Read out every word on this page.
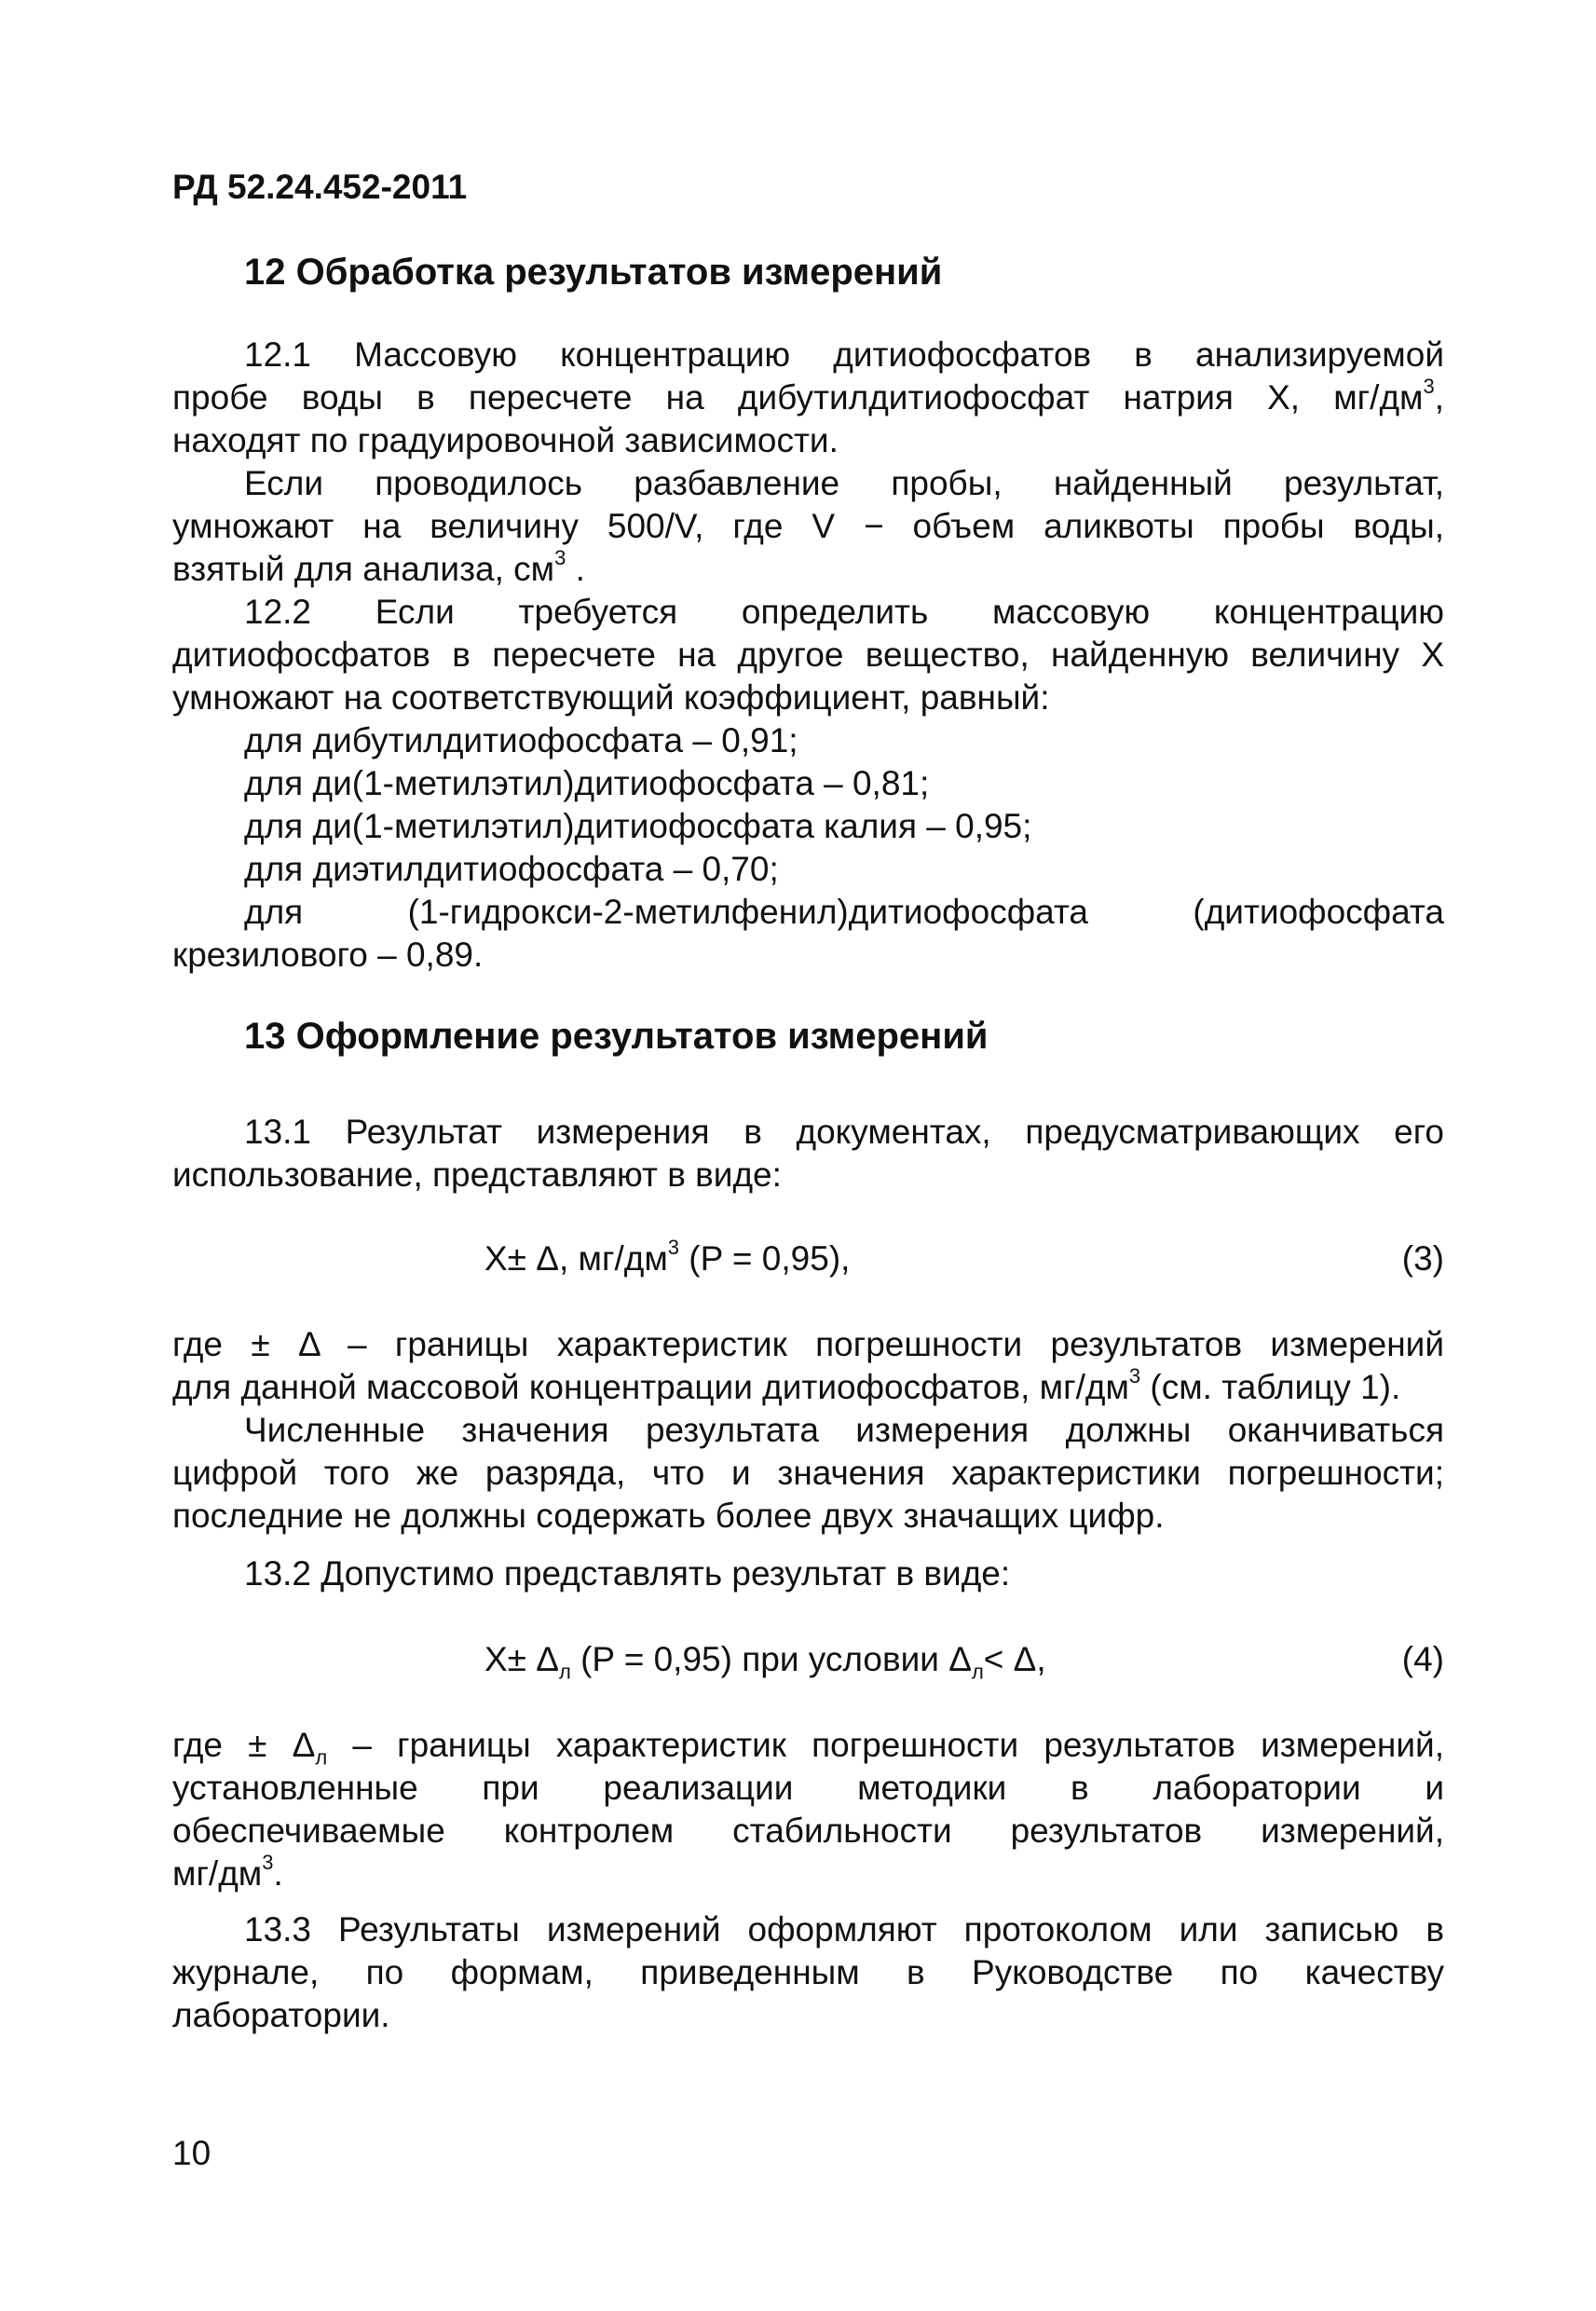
РД 52.24.452-2011
12 Обработка результатов измерений
12.1 Массовую концентрацию дитиофосфатов в анализируемой
пробе воды в пересчете на дибутилдитиофосфат натрия X, $мг/дм^3$,
находят по градуировочной зависимости.
Если проводилось разбавление пробы, найденный результат,
умножают на величину 500/V, где V − объем аликвоты пробы воды,
взятый для анализа, $см^3$ .
12.2 Если требуется определить массовую концентрацию
дитиофосфатов в пересчете на другое вещество, найденную величину X
умножают на соответствующий коэффициент, равный:
для дибутилдитиофосфата – 0,91;
для ди(1-метилэтил)дитиофосфата – 0,81;
для ди(1-метилэтил)дитиофосфата калия – 0,95;
для диэтилдитиофосфата – 0,70;
для (1-гидрокси-2-метилфенил)дитиофосфата (дитиофосфата
крезилового – 0,89.
13 Оформление результатов измерений
13.1 Результат измерения в документах, предусматривающих его
использование, представляют в виде:
X± Δ, $мг/дм^3$ (P = 0,95),	(3)
где ± Δ – границы характеристик погрешности результатов измерений
для данной массовой концентрации дитиофосфатов, $мг/дм^3$ (см. таблицу 1).
Численные значения результата измерения должны оканчиваться
цифрой того же разряда, что и значения характеристики погрешности;
последние не должны содержать более двух значащих цифр.
13.2 Допустимо представлять результат в виде:
$X\pm \Delta_л$ (P = 0,95) при условии $\Delta_л< \Delta$,	(4)
где ± $\Delta_л$ – границы характеристик погрешности результатов измерений,
установленные при реализации методики в лаборатории и
обеспечиваемые контролем стабильности результатов измерений,
$мг/дм^3$.
13.3 Результаты измерений оформляют протоколом или записью в
журнале, по формам, приведенным в Руководстве по качеству
лаборатории.
10
